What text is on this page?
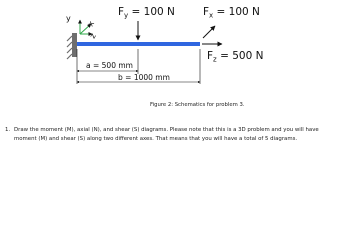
y
x
z
$F_y = 100$ N	$F_x = 100$ N
$F_z = 500$ N
a = 500 mm
b = 1000 mm
Figure 2: Schematics for problem 3.
1. Draw the moment (M), axial (N), and shear (S) diagrams. Please note that this is a 3D problem and you will have moment (M) and shear (S) along two different axes. That means that you will have a total of 5 diagrams.
